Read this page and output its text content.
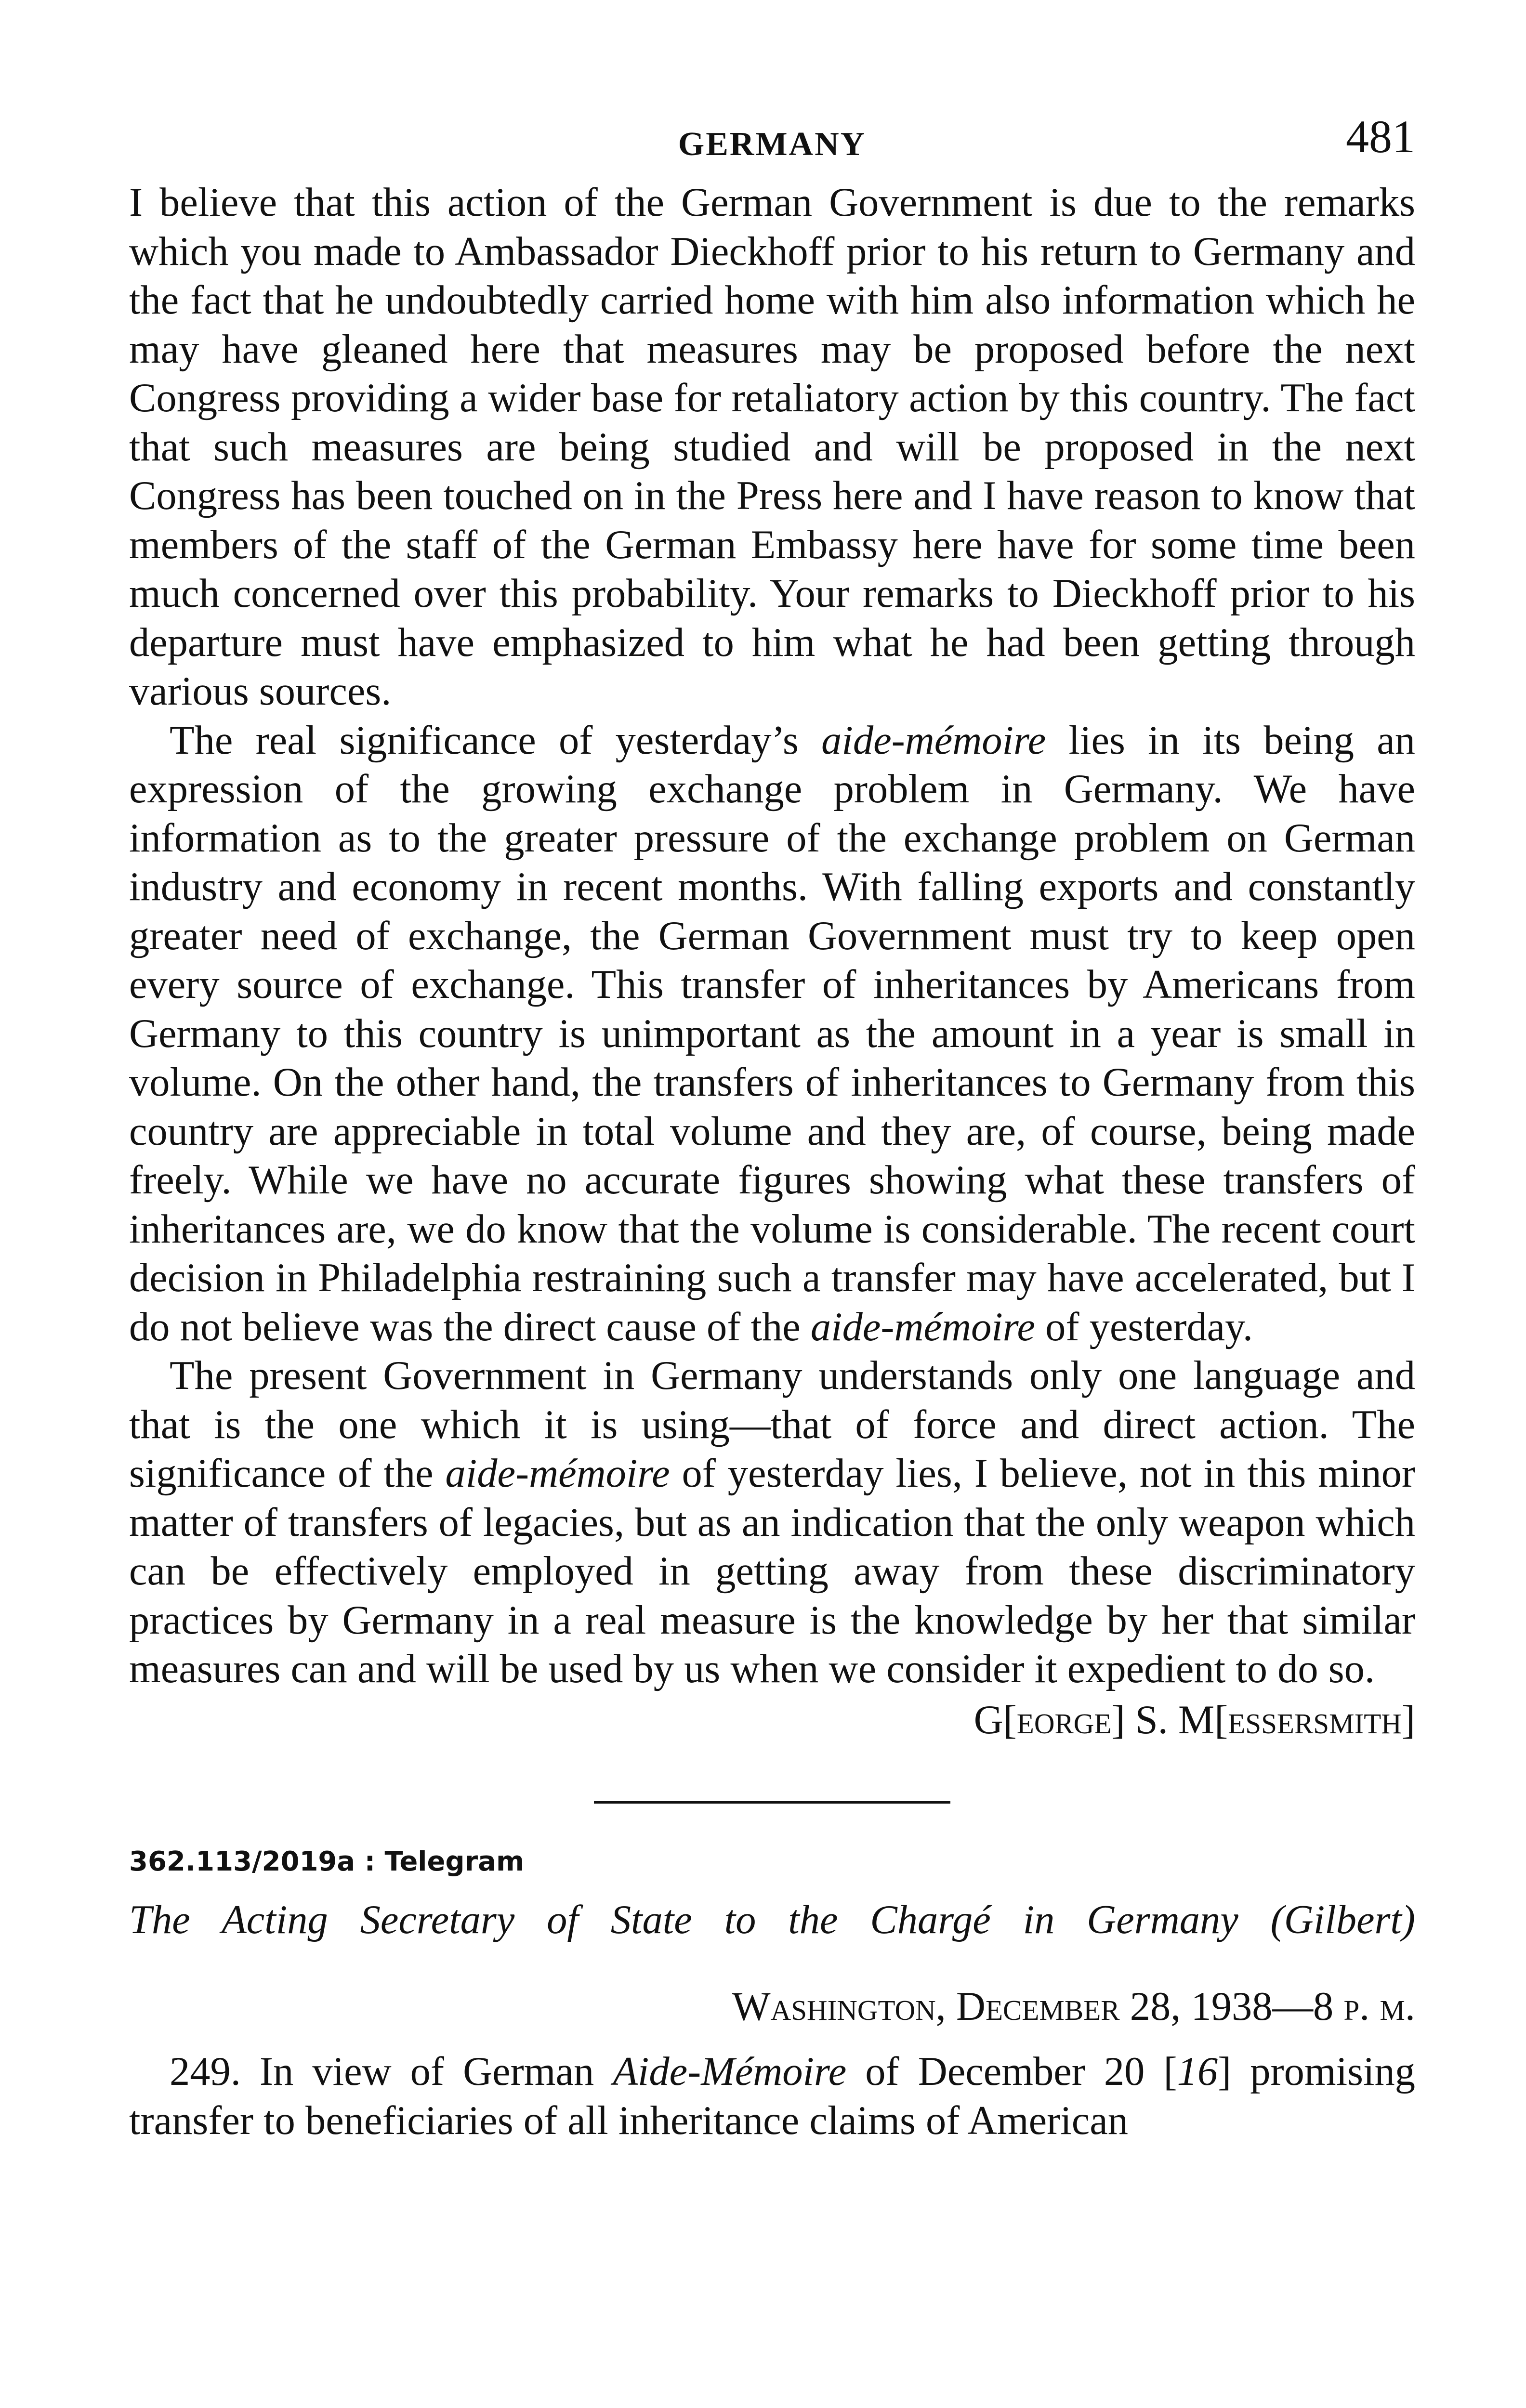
GERMANY	481

I believe that this action of the German Government is due to the remarks which you made to Ambassador Dieckhoff prior to his return to Germany and the fact that he undoubtedly carried home with him also information which he may have gleaned here that measures may be proposed before the next Congress providing a wider base for retaliatory action by this country. The fact that such measures are being studied and will be proposed in the next Congress has been touched on in the Press here and I have reason to know that members of the staff of the German Embassy here have for some time been much concerned over this probability. Your remarks to Dieckhoff prior to his departure must have emphasized to him what he had been getting through various sources.

The real significance of yesterday’s aide-mémoire lies in its being an expression of the growing exchange problem in Germany. We have information as to the greater pressure of the exchange problem on German industry and economy in recent months. With falling exports and constantly greater need of exchange, the German Government must try to keep open every source of exchange. This transfer of inheritances by Americans from Germany to this country is unimportant as the amount in a year is small in volume. On the other hand, the transfers of inheritances to Germany from this country are appreciable in total volume and they are, of course, being made freely. While we have no accurate figures showing what these transfers of inheritances are, we do know that the volume is considerable. The recent court decision in Philadelphia restraining such a transfer may have accelerated, but I do not believe was the direct cause of the aide-mémoire of yesterday.

The present Government in Germany understands only one language and that is the one which it is using—that of force and direct action. The significance of the aide-mémoire of yesterday lies, I believe, not in this minor matter of transfers of legacies, but as an indication that the only weapon which can be effectively employed in getting away from these discriminatory practices by Germany in a real measure is the knowledge by her that similar measures can and will be used by us when we consider it expedient to do so.

G[eorge] S. M[essersmith]
362.113/2019a : Telegram
The Acting Secretary of State to the Chargé in Germany (Gilbert)
Washington, December 28, 1938—8 p. m.

249. In view of German Aide-Mémoire of December 20 [16] promising transfer to beneficiaries of all inheritance claims of American
